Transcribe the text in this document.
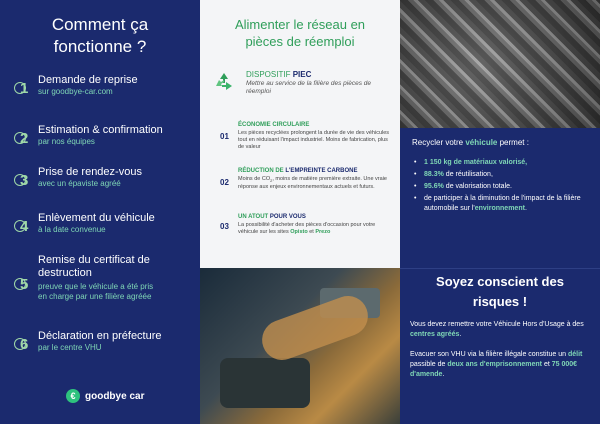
Comment ça
fonctionne ?
1 Demande de reprise
sur goodbye-car.com
2 Estimation & confirmation
par nos équipes
3 Prise de rendez-vous
avec un épaviste agréé
4 Enlèvement du véhicule
à la date convenue
5
Remise du certificat de
destruction
preuve que le véhicule a été pris
en charge par une filière agréée
6 Déclaration en préfecture
par le centre VHU
€ goodbye car
Alimenter le réseau en
pièces de réemploi
DISPOSITIF PIEC
Mettre au service de la filière des pièces de réemploi
01
ÉCONOMIE CIRCULAIRE
Les pièces recyclées prolongent la durée de vie des véhicules tout en réduisant l'impact industriel. Moins de fabrication, plus de valeur
02
RÉDUCTION DE L'EMPREINTE CARBONE
Moins de $CO_2$, moins de matière première extraite. Une vraie réponse aux enjeux environnementaux actuels et futurs.
03
UN ATOUT POUR VOUS
La possibilité d'acheter des pièces d'occasion pour votre véhicule sur les sites Opisto et Prezo
Recycler votre véhicule permet :
• 1 150 kg de matériaux valorisé,
• 88.3% de réutilisation,
• 95.6% de valorisation totale.
• de participer à la diminution de l'impact de la filière automobile sur l'environnement.
Soyez conscient des
risques !
Vous devez remettre votre Véhicule Hors d'Usage à des centres agréés.
Evacuer son VHU via la filière illégale constitue un délit passible de deux ans d'emprisonnement et 75 000€ d'amende.
